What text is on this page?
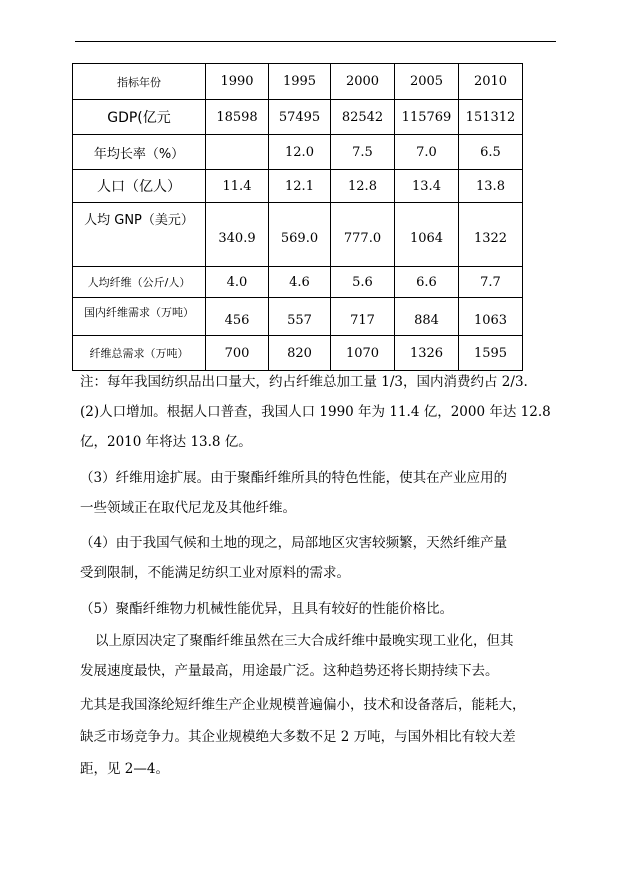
指标年份	1990	1995	2000	2005	2010
GDP(亿元	18598	57495	82542	115769	151312
年均长率（%）		12.0	7.5	7.0	6.5
人口（亿人）	11.4	12.1	12.8	13.4	13.8
人均 GNP（美元）	340.9	569.0	777.0	1064	1322
人均纤维（公斤/人）	4.0	4.6	5.6	6.6	7.7
国内纤维需求（万吨）	456	557	717	884	1063
纤维总需求（万吨）	700	820	1070	1326	1595

注：每年我国纺织品出口量大，约占纤维总加工量 1/3，国内消费约占 2/3.

(2)人口增加。根据人口普查，我国人口 1990 年为 11.4 亿，2000 年达 12.8

亿，2010 年将达 13.8 亿。

（3）纤维用途扩展。由于聚酯纤维所具的特色性能，使其在产业应用的

一些领域正在取代尼龙及其他纤维。

（4）由于我国气候和土地的现之，局部地区灾害较频繁，天然纤维产量

受到限制，不能满足纺织工业对原料的需求。

（5）聚酯纤维物力机械性能优异，且具有较好的性能价格比。

以上原因决定了聚酯纤维虽然在三大合成纤维中最晚实现工业化，但其

发展速度最快，产量最高，用途最广泛。这种趋势还将长期持续下去。

尤其是我国涤纶短纤维生产企业规模普遍偏小，技术和设备落后，能耗大，

缺乏市场竞争力。其企业规模绝大多数不足 2 万吨，与国外相比有较大差

距，见 2—4。
